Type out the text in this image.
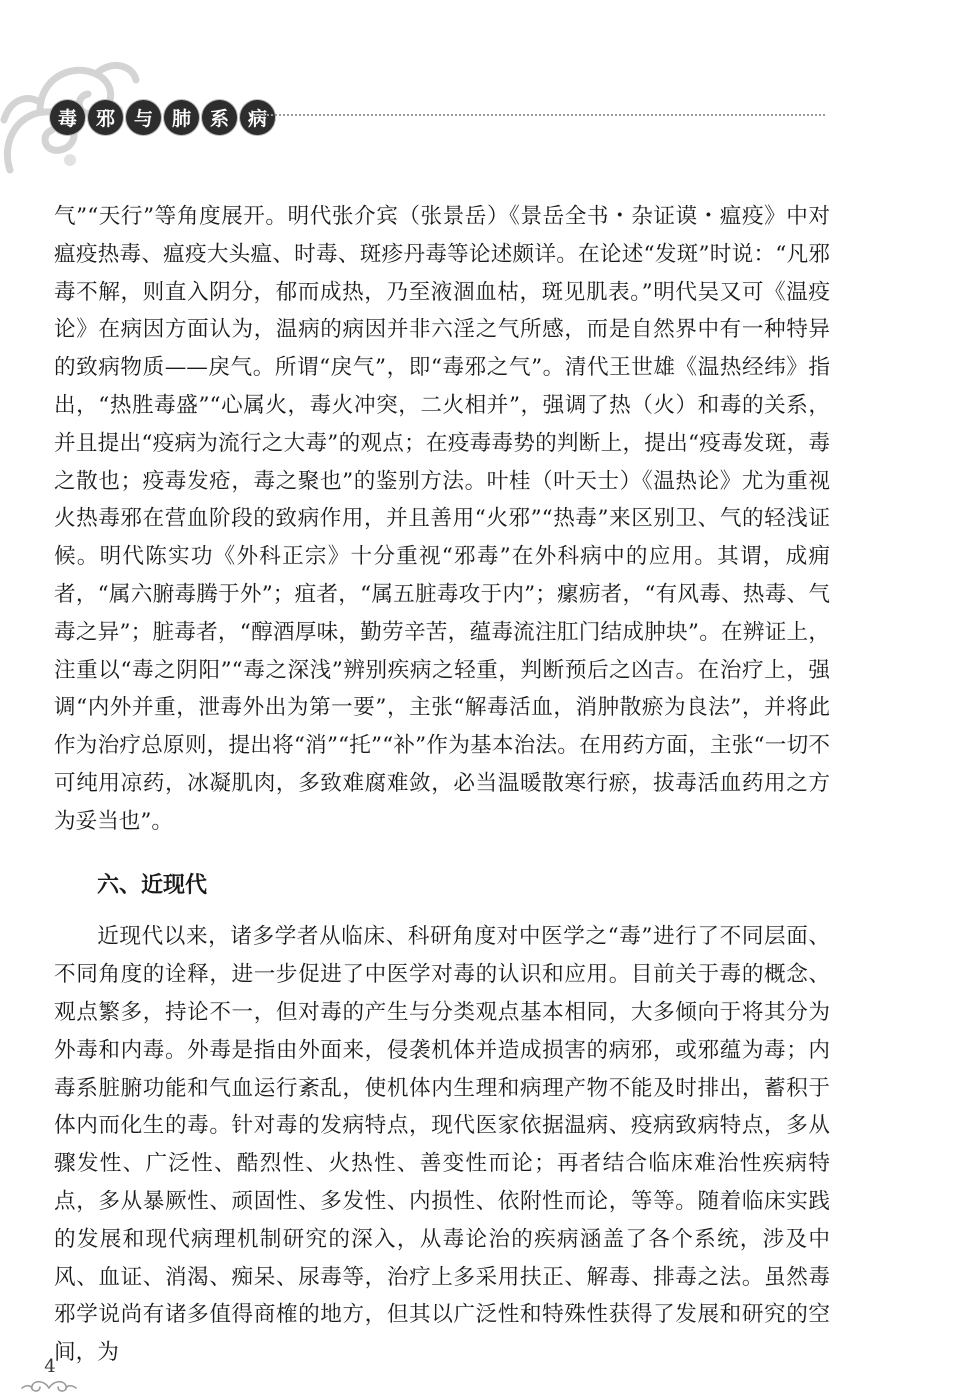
毒 邪 与 肺 系 病

气”“天行”等角度展开。明代张介宾（张景岳）《景岳全书・杂证谟・瘟疫》中对瘟疫热毒、瘟疫大头瘟、时毒、斑疹丹毒等论述颇详。在论述“发斑”时说：“凡邪毒不解，则直入阴分，郁而成热，乃至液涸血枯，斑见肌表。”明代吴又可《温疫论》在病因方面认为，温病的病因并非六淫之气所感，而是自然界中有一种特异的致病物质——戾气。所谓“戾气”，即“毒邪之气”。清代王世雄《温热经纬》指出，“热胜毒盛”“心属火，毒火冲突，二火相并”，强调了热（火）和毒的关系，并且提出“疫病为流行之大毒”的观点；在疫毒毒势的判断上，提出“疫毒发斑，毒之散也；疫毒发疮，毒之聚也”的鉴别方法。叶桂（叶天士）《温热论》尤为重视火热毒邪在营血阶段的致病作用，并且善用“火邪”“热毒”来区别卫、气的轻浅证候。明代陈实功《外科正宗》十分重视“邪毒”在外科病中的应用。其谓，成痈者，“属六腑毒腾于外”；疽者，“属五脏毒攻于内”；瘰疬者，“有风毒、热毒、气毒之异”；脏毒者，“醇酒厚味，勤劳辛苦，蕴毒流注肛门结成肿块”。在辨证上，注重以“毒之阴阳”“毒之深浅”辨别疾病之轻重，判断预后之凶吉。在治疗上，强调“内外并重，泄毒外出为第一要”，主张“解毒活血，消肿散瘀为良法”，并将此作为治疗总原则，提出将“消”“托”“补”作为基本治法。在用药方面，主张“一切不可纯用凉药，冰凝肌肉，多致难腐难敛，必当温暖散寒行瘀，拔毒活血药用之方为妥当也”。

六、近现代

近现代以来，诸多学者从临床、科研角度对中医学之“毒”进行了不同层面、不同角度的诠释，进一步促进了中医学对毒的认识和应用。目前关于毒的概念、观点繁多，持论不一，但对毒的产生与分类观点基本相同，大多倾向于将其分为外毒和内毒。外毒是指由外面来，侵袭机体并造成损害的病邪，或邪蕴为毒；内毒系脏腑功能和气血运行紊乱，使机体内生理和病理产物不能及时排出，蓄积于体内而化生的毒。针对毒的发病特点，现代医家依据温病、疫病致病特点，多从骤发性、广泛性、酷烈性、火热性、善变性而论；再者结合临床难治性疾病特点，多从暴厥性、顽固性、多发性、内损性、依附性而论，等等。随着临床实践的发展和现代病理机制研究的深入，从毒论治的疾病涵盖了各个系统，涉及中风、血证、消渴、痴呆、尿毒等，治疗上多采用扶正、解毒、排毒之法。虽然毒邪学说尚有诸多值得商榷的地方，但其以广泛性和特殊性获得了发展和研究的空间，为

4
